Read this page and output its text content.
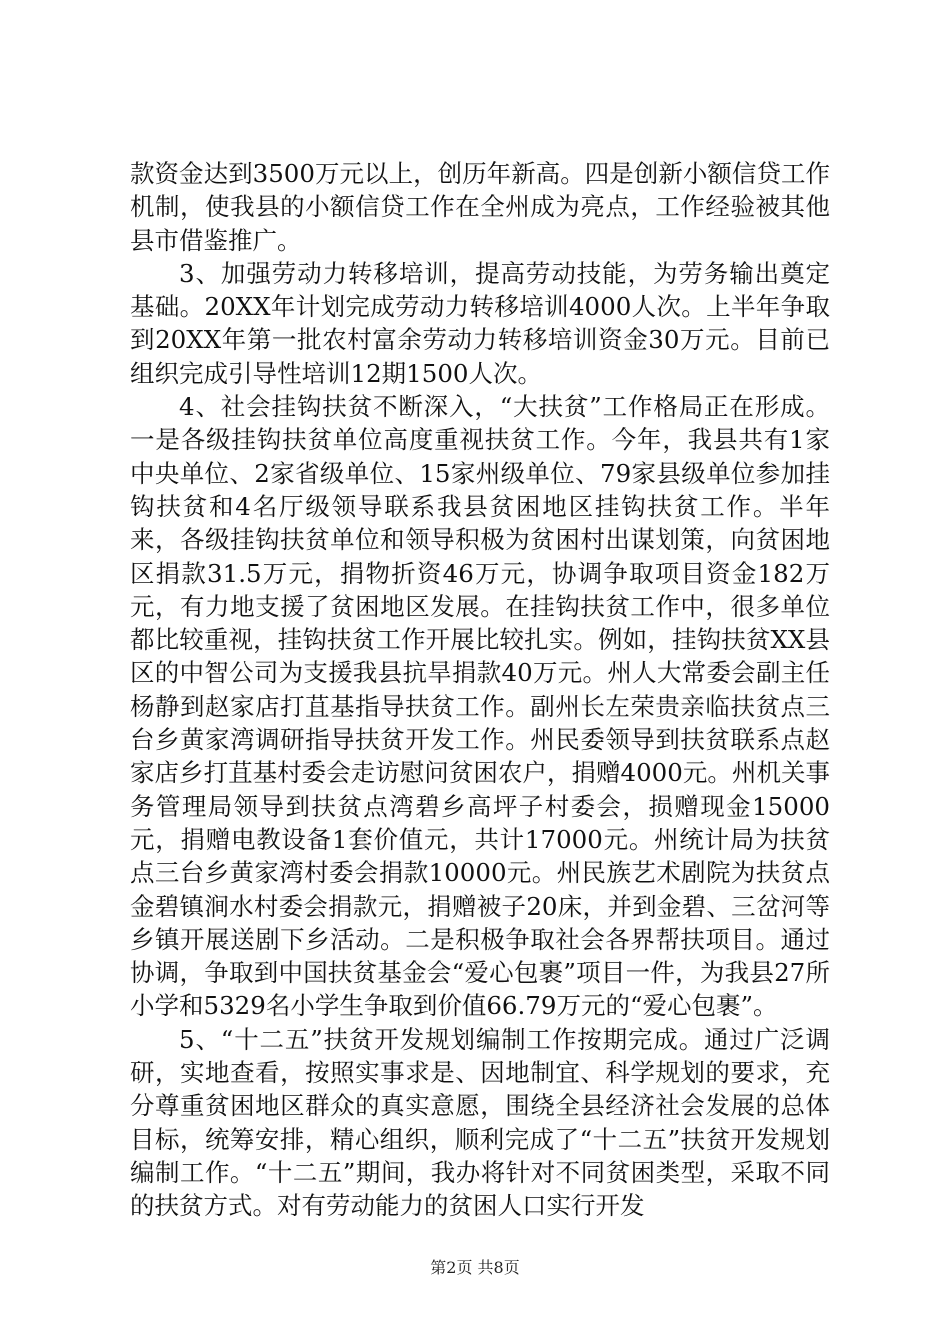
款资金达到3500万元以上，创历年新高。四是创新小额信贷工作机制，使我县的小额信贷工作在全州成为亮点，工作经验被其他县市借鉴推广。

3、加强劳动力转移培训，提高劳动技能，为劳务输出奠定基础。20XX年计划完成劳动力转移培训4000人次。上半年争取到20XX年第一批农村富余劳动力转移培训资金30万元。目前已组织完成引导性培训12期1500人次。

4、社会挂钩扶贫不断深入，“大扶贫”工作格局正在形成。一是各级挂钩扶贫单位高度重视扶贫工作。今年，我县共有1家中央单位、2家省级单位、15家州级单位、79家县级单位参加挂钩扶贫和4名厅级领导联系我县贫困地区挂钩扶贫工作。半年来，各级挂钩扶贫单位和领导积极为贫困村出谋划策，向贫困地区捐款31.5万元，捐物折资46万元，协调争取项目资金182万元，有力地支援了贫困地区发展。在挂钩扶贫工作中，很多单位都比较重视，挂钩扶贫工作开展比较扎实。例如，挂钩扶贫XX县区的中智公司为支援我县抗旱捐款40万元。州人大常委会副主任杨静到赵家店打苴基指导扶贫工作。副州长左荣贵亲临扶贫点三台乡黄家湾调研指导扶贫开发工作。州民委领导到扶贫联系点赵家店乡打苴基村委会走访慰问贫困农户，捐赠4000元。州机关事务管理局领导到扶贫点湾碧乡高坪子村委会，损赠现金15000元，捐赠电教设备1套价值元，共计17000元。州统计局为扶贫点三台乡黄家湾村委会捐款10000元。州民族艺术剧院为扶贫点金碧镇涧水村委会捐款元，捐赠被子20床，并到金碧、三岔河等乡镇开展送剧下乡活动。二是积极争取社会各界帮扶项目。通过协调，争取到中国扶贫基金会“爱心包裹”项目一件，为我县27所小学和5329名小学生争取到价值66.79万元的“爱心包裹”。

5、“十二五”扶贫开发规划编制工作按期完成。通过广泛调研，实地查看，按照实事求是、因地制宜、科学规划的要求，充分尊重贫困地区群众的真实意愿，围绕全县经济社会发展的总体目标，统筹安排，精心组织，顺利完成了“十二五”扶贫开发规划编制工作。“十二五”期间，我办将针对不同贫困类型，采取不同的扶贫方式。对有劳动能力的贫困人口实行开发

第2页 共8页
